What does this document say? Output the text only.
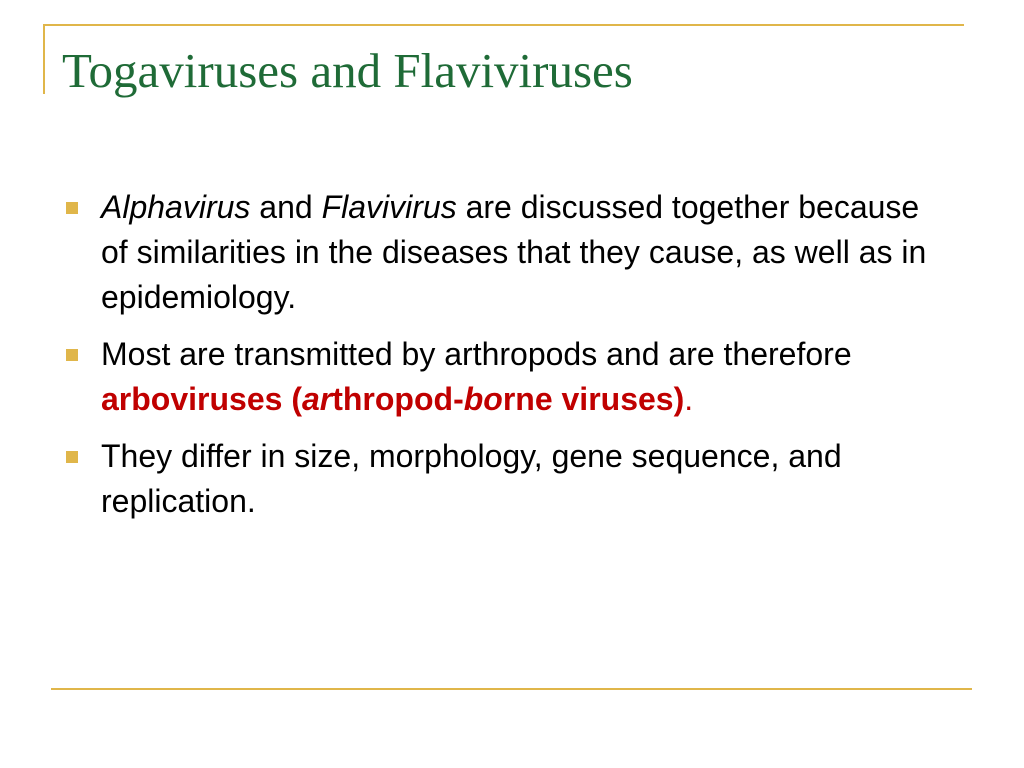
Togaviruses and Flaviviruses
Alphavirus and Flavivirus are discussed together because of similarities in the diseases that they cause, as well as in epidemiology.
Most are transmitted by arthropods and are therefore arboviruses (arthropod-borne viruses).
They differ in size, morphology, gene sequence, and replication.
